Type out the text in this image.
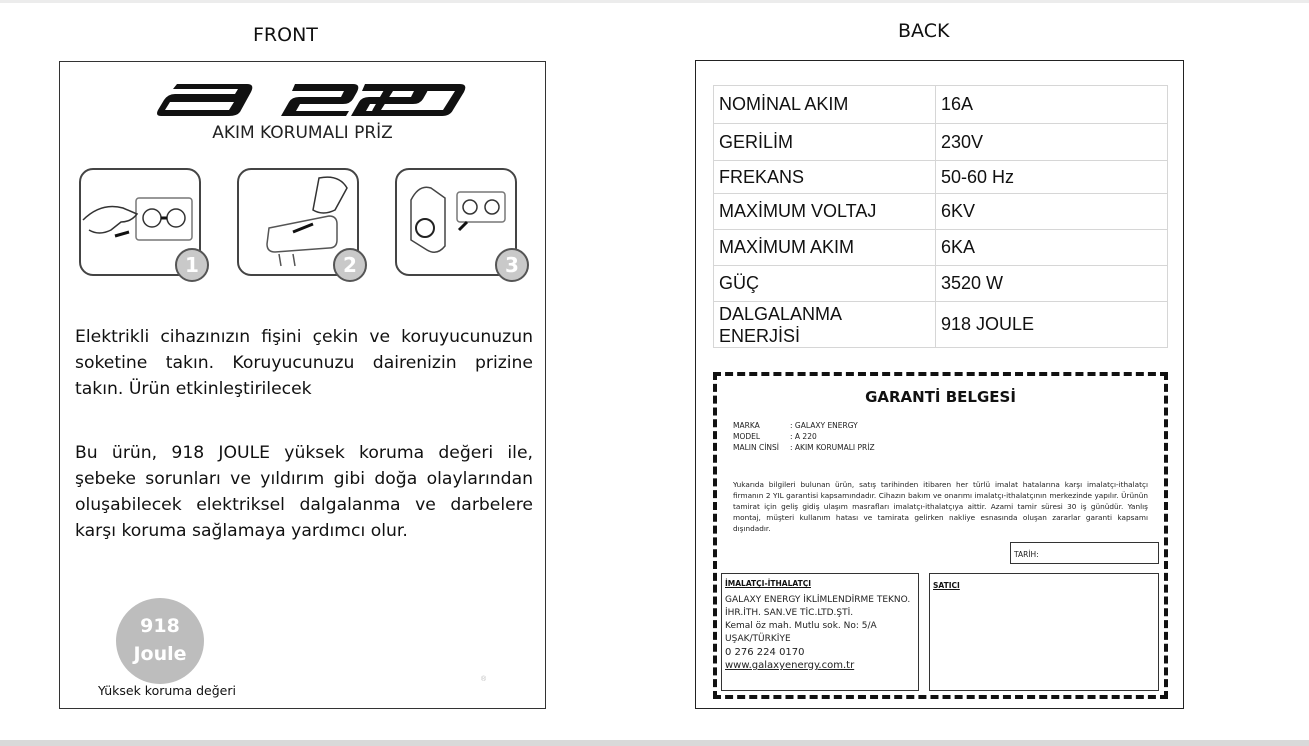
FRONT	BACK
AKIM KORUMALI PRİZ
1	2	3
Elektrikli cihazınızın fişini çekin ve koruyucunuzun soketine takın. Koruyucunuzu dairenizin prizine takın. Ürün etkinleştirilecek
Bu ürün, 918 JOULE yüksek koruma değeri ile, şebeke sorunları ve yıldırım gibi doğa olaylarından oluşabilecek elektriksel dalgalanma ve darbelere karşı koruma sağlamaya yardımcı olur.
918
Joule
Yüksek koruma değeri
®
NOMİNAL AKIM	16A
GERİLİM	230V
FREKANS	50-60 Hz
MAXİMUM VOLTAJ	6KV
MAXİMUM AKIM	6KA
GÜÇ	3520 W
DALGALANMA ENERJİSİ	918 JOULE
GARANTİ BELGESİ
MARKA	: GALAXY ENERGY
MODEL	: A 220
MALIN CİNSİ : AKIM KORUMALI PRİZ
Yukarıda bilgileri bulunan ürün, satış tarihinden itibaren her türlü imalat hatalarına karşı imalatçı-ithalatçı firmanın 2 YIL garantisi kapsamındadır. Cihazın bakım ve onarımı imalatçı-ithalatçının merkezinde yapılır. Ürünün tamirat için geliş gidiş ulaşım masrafları imalatçı-ithalatçıya aittir. Azami tamir süresi 30 iş günüdür. Yanlış montaj, müşteri kullanım hatası ve tamirata gelirken nakliye esnasında oluşan zararlar garanti kapsamı dışındadır.
TARİH:
İMALATÇI-İTHALATÇI
GALAXY ENERGY İKLİMLENDİRME TEKNO.
İHR.İTH. SAN.VE TİC.LTD.ŞTİ.
Kemal öz mah. Mutlu sok. No: 5/A
UŞAK/TÜRKİYE
0 276 224 0170
www.galaxyenergy.com.tr
SATICI
